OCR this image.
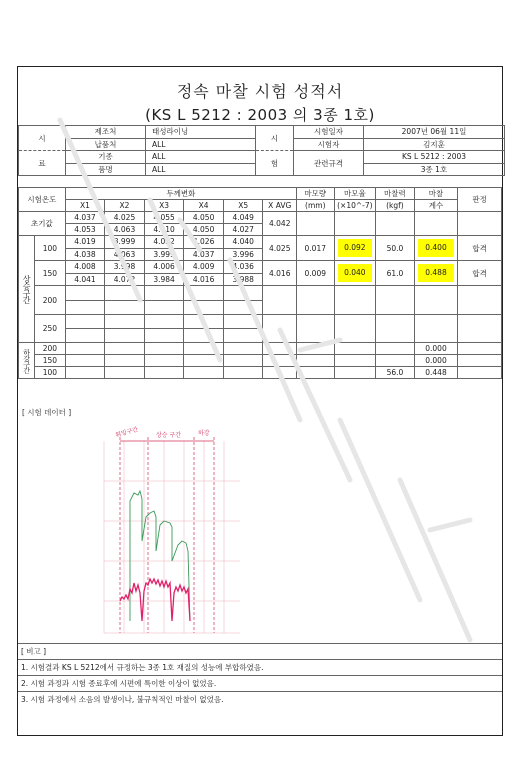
정속 마찰 시험 성적서
(KS L 5212 : 2003 의 3종 1호)
시	제조처	태성라이닝	시	시험일자	2007년 06월 11일
	납품처	ALL		시험자	김지훈
료	기종	ALL	험	관련규격	KS L 5212 : 2003
	품명	ALL			3종 1호
시험온도		두께변화						마모량	마모율	마찰력	마찰	판정
		X1	X2	X3	X4	X5	X AVG	(mm)	(×10^-7)	(kgf)	계수	
초기값		4.037	4.025	4.055	4.050	4.049	4.042					
		4.053	4.063	4.010	4.050	4.027						
상승구간	100	4.019	3.999	4.032	4.026	4.040	4.025	0.017	0.092	50.0	0.400	합격
		4.038	4.063	3.999	4.037	3.996						
	150	4.008	3.998	4.006	4.009	4.036	4.016	0.009	0.040	61.0	0.488	합격
		4.041	4.072	3.984	4.016	3.988						
	200											

	250											

하강구간	200										0.000	
	150										0.000	
	100									56.0	0.448	
[ 시험 데이터 ]
워밍구간	상승 구간	하강
[ 비고 ]
1. 시험결과 KS L 5212에서 규정하는 3종 1호 재질의 성능에 부합하였음.
2. 시험 과정과 시험 종료후에 시편에 특이한 이상이 없었음.
3. 시험 과정에서 소음의 발생이나, 불규칙적인 마찰이 없었음.
